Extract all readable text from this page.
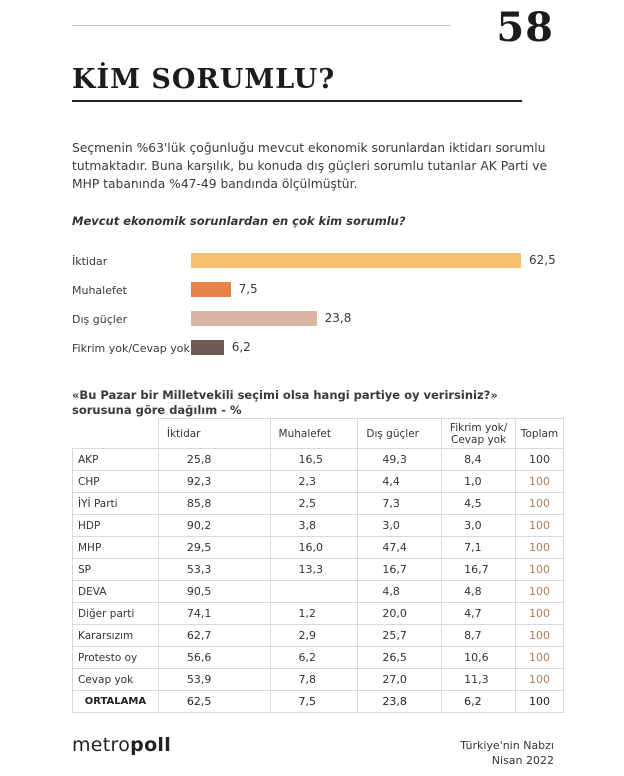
58
KİM SORUMLU?

Seçmenin %63'lük çoğunluğu mevcut ekonomik sorunlardan iktidarı sorumlu tutmaktadır. Buna karşılık, bu konuda dış güçleri sorumlu tutanlar AK Parti ve MHP tabanında %47-49 bandında ölçülmüştür.

Mevcut ekonomik sorunlardan en çok kim sorumlu?
İktidar	62,5
Muhalefet	7,5
Dış güçler	23,8
Fikrim yok/Cevap yok	6,2
«Bu Pazar bir Milletvekili seçimi olsa hangi partiye oy verirsiniz?» sorusuna göre dağılım - %
	İktidar	Muhalefet	Dış güçler	Fikrim yok/ Cevap yok	Toplam
AKP	25,8	16,5	49,3	8,4	100
CHP	92,3	2,3	4,4	1,0	100
İYİ Parti	85,8	2,5	7,3	4,5	100
HDP	90,2	3,8	3,0	3,0	100
MHP	29,5	16,0	47,4	7,1	100
SP	53,3	13,3	16,7	16,7	100
DEVA	90,5		4,8	4,8	100
Diğer parti	74,1	1,2	20,0	4,7	100
Kararsızım	62,7	2,9	25,7	8,7	100
Protesto oy	56,6	6,2	26,5	10,6	100
Cevap yok	53,9	7,8	27,0	11,3	100
ORTALAMA	62,5	7,5	23,8	6,2	100
metropoll	Türkiye'nin Nabzı
Nisan 2022
